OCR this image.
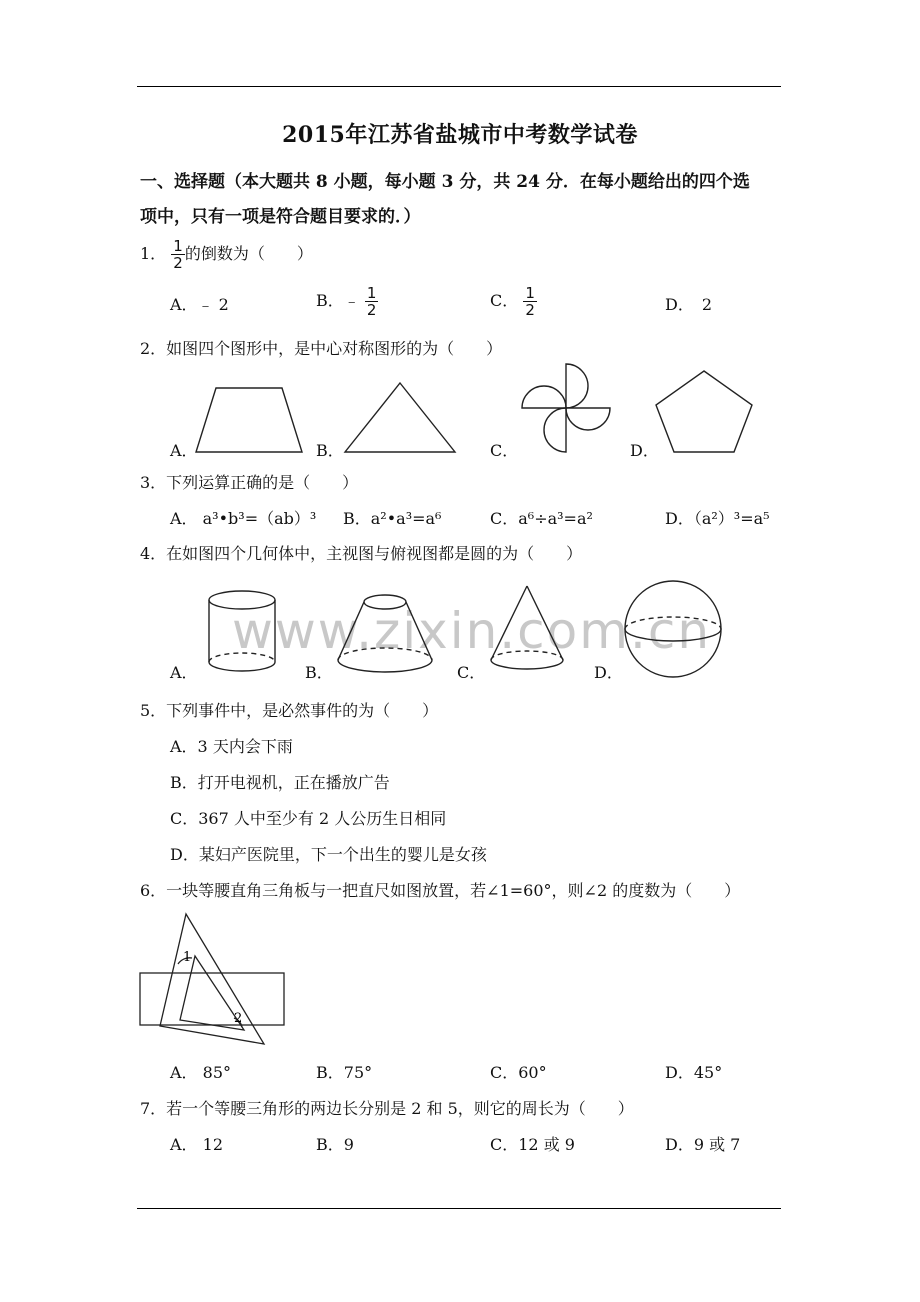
2015年江苏省盐城市中考数学试卷
一、选择题（本大题共 8 小题，每小题 3 分，共 24 分．在每小题给出的四个选
项中，只有一项是符合题目要求的．）
www.zixin.com.cn
1． $\frac{1}{2}$ 的倒数为（　　）
A．﹣ 2	B．﹣ $\frac{1}{2}$	C． $\frac{1}{2}$	D．　2
2．如图四个图形中，是中心对称图形的为（　　）
A．	B．	C．	D．
3．下列运算正确的是（　　）
A． a³•b³=（ab）³ B．a²•a³=a⁶	C．a⁶÷a³=a²	D．（a²）³=a⁵
4．在如图四个几何体中，主视图与俯视图都是圆的为（　　）
A．	B．	C．	D．
5．下列事件中，是必然事件的为（　　）
A．3 天内会下雨
B．打开电视机，正在播放广告
C．367 人中至少有 2 人公历生日相同
D．某妇产医院里，下一个出生的婴儿是女孩
6．一块等腰直角三角板与一把直尺如图放置，若∠1=60°，则∠2 的度数为（　　）
1
2
A． 85°	B．75°	C．60°	D．45°
7．若一个等腰三角形的两边长分别是 2 和 5，则它的周长为（　　）
A． 12	B．9	C．12 或 9	D．9 或 7
